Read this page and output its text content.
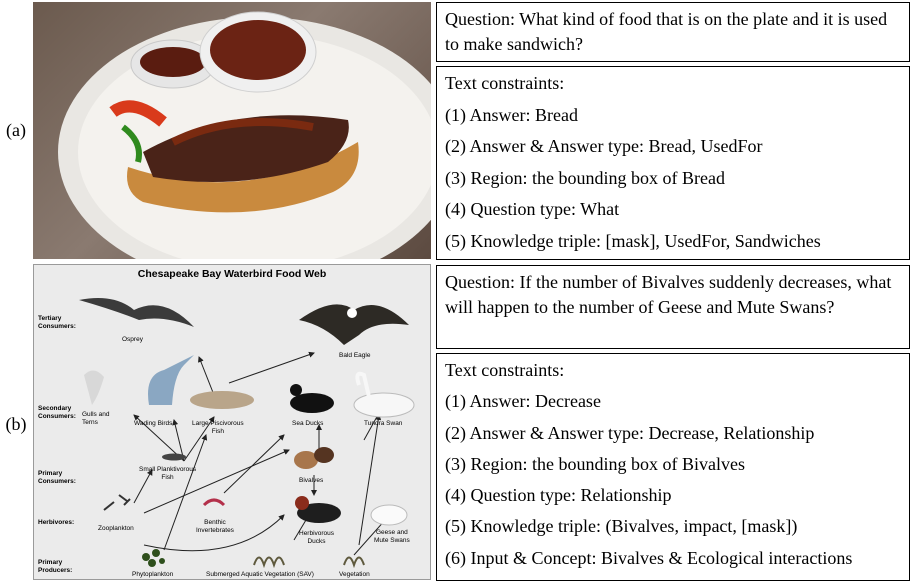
(a)
(b)
Question: What kind of food that is on the plate and it is used to make sandwich?
Text constraints:
(1) Answer: Bread
(2) Answer & Answer type: Bread, UsedFor
(3) Region: the bounding box of Bread
(4) Question type: What
(5) Knowledge triple: [mask], UsedFor, Sandwiches
Chesapeake Bay Waterbird Food Web
Tertiary
Consumers:
Secondary
Consumers:
Primary
Consumers:
Herbivores:
Primary
Producers:
Osprey
Bald Eagle
Gulls and
Terns	Wading Birds	Large Piscivorous
Fish
Sea Ducks	Tundra Swan
Small Planktivorous
Fish	Bivalves
Zooplankton
Benthic
Invertebrates	Herbivorous
Ducks
Geese and
Mute Swans
Phytoplankton	Submerged Aquatic Vegetation (SAV)	Vegetation
Question: If the number of Bivalves suddenly decreases, what will happen to the number of Geese and Mute Swans?
Text constraints:
(1) Answer: Decrease
(2) Answer & Answer type: Decrease, Relationship
(3) Region: the bounding box of Bivalves
(4) Question type: Relationship
(5) Knowledge triple: (Bivalves, impact, [mask])
(6) Input & Concept: Bivalves & Ecological interactions
